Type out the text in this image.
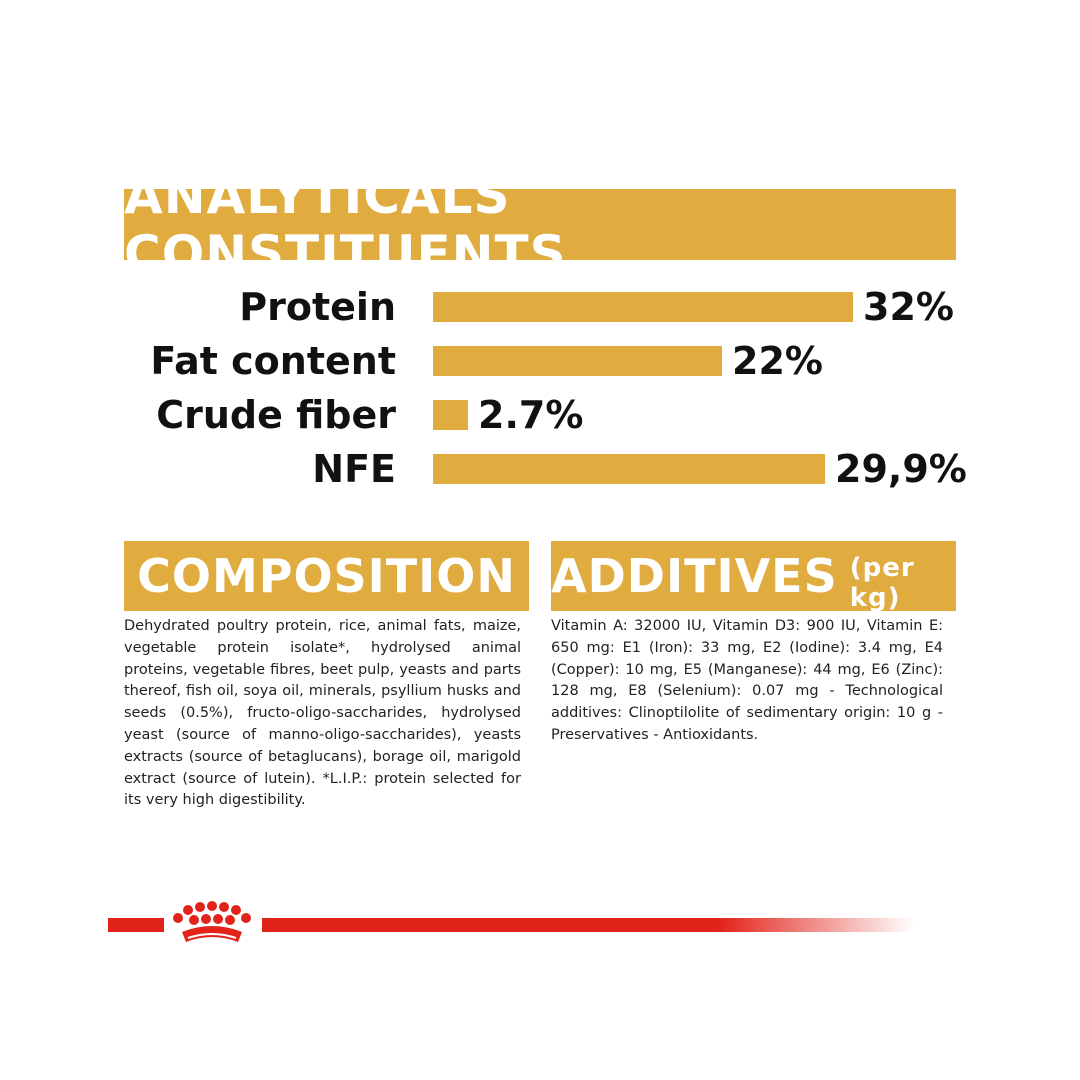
ANALYTICALS CONSTITUENTS
Protein	32%
Fat content	22%
Crude fiber 2.7%
NFE	29,9%
COMPOSITION
Dehydrated poultry protein, rice, animal fats, maize, vegetable protein isolate*, hydrolysed animal proteins, vegetable fibres, beet pulp, yeasts and parts thereof, fish oil, soya oil, minerals, psyllium husks and seeds (0.5%), fructo-oligo-saccharides, hydrolysed yeast (source of manno-oligo-saccharides), yeasts extracts (source of betaglucans), borage oil, marigold extract (source of lutein). *L.I.P.: protein selected for its very high digestibility.
ADDITIVES (per kg)
Vitamin A: 32000 IU, Vitamin D3: 900 IU, Vitamin E: 650 mg: E1 (Iron): 33 mg, E2 (Iodine): 3.4 mg, E4 (Copper): 10 mg, E5 (Manganese): 44 mg, E6 (Zinc): 128 mg, E8 (Selenium): 0.07 mg - Technological additives: Clinoptilolite of sedimentary origin: 10 g - Preservatives - Antioxidants.
